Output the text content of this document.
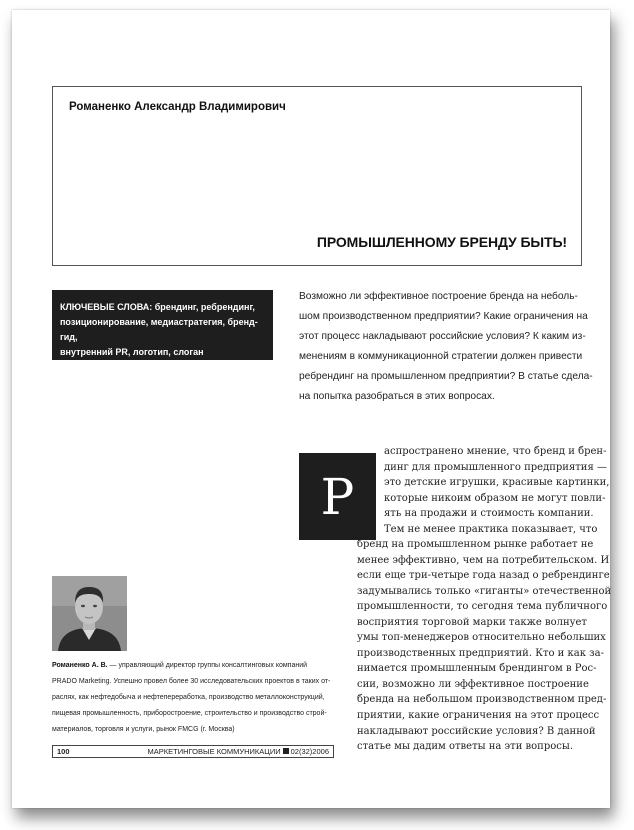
Романенко Александр Владимирович
ПРОМЫШЛЕННОМУ БРЕНДУ БЫТЬ!
КЛЮЧЕВЫЕ СЛОВА: брендинг, ребрендинг,
позиционирование, медиастратегия, бренд-гид,
внутренний PR, логотип, слоган

Возможно ли эффективное построение бренда на неболь-
шом производственном предприятии? Какие ограничения на
этот процесс накладывают российские условия? К каким из-
менениям в коммуникационной стратегии должен привести
ребрендинг на промышленном предприятии? В статье сдела-
на попытка разобраться в этих вопросах.

Р

аспространено мнение, что бренд и брен-
динг для промышленного предприятия —
это детские игрушки, красивые картинки,
которые никоим образом не могут повли-
ять на продажи и стоимость компании.
Тем не менее практика показывает, что

бренд на промышленном рынке работает не
менее эффективно, чем на потребительском. И
если еще три-четыре года назад о ребрендинге
задумывались только «гиганты» отечественной
промышленности, то сегодня тема публичного
восприятия торговой марки также волнует
умы топ-менеджеров относительно небольших
производственных предприятий. Кто и как за-
нимается промышленным брендингом в Рос-
сии, возможно ли эффективное построение
бренда на небольшом производственном пред-
приятии, какие ограничения на этот процесс
накладывают российские условия? В данной
статье мы дадим ответы на эти вопросы.

Романенко А. В. — управляющий директор группы консалтинговых компаний
PRADO Marketing. Успешно провел более 30 исследовательских проектов в таких от-
раслях, как нефтедобыча и нефтепереработка, производство металлоконструкций,
пищевая промышленность, приборостроение, строительство и производство строй-
материалов, торговля и услуги, рынок FMCG (г. Москва)

100	МАРКЕТИНГОВЫЕ КОММУНИКАЦИИ 02(32)2006
